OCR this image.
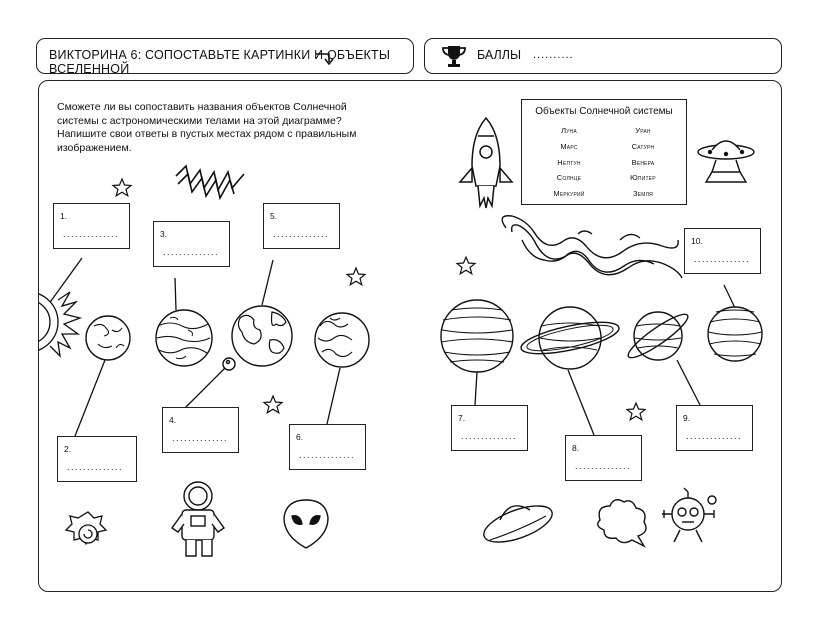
ВИКТОРИНА 6: СОПОСТАВЬТЕ КАРТИНКИ И ОБЪЕКТЫ ВСЕЛЕННОЙ
БАЛЛЫ ..........
Сможете ли вы сопоставить названия объектов Солнечной системы с астрономическими телами на этой диаграмме? Напишите свои ответы в пустых местах рядом с правильным изображением.
Объекты Солнечной системы
Луна
Марс
Нептун
Солнце
Меркурий
Уран
Сатурн
Венера
Юпитер
Земля
1.
..............	3.
..............
5.
..............
2.
..............
4.
..............	6.
..............
7.
..............
8.
..............
9.
..............
10.
..............
